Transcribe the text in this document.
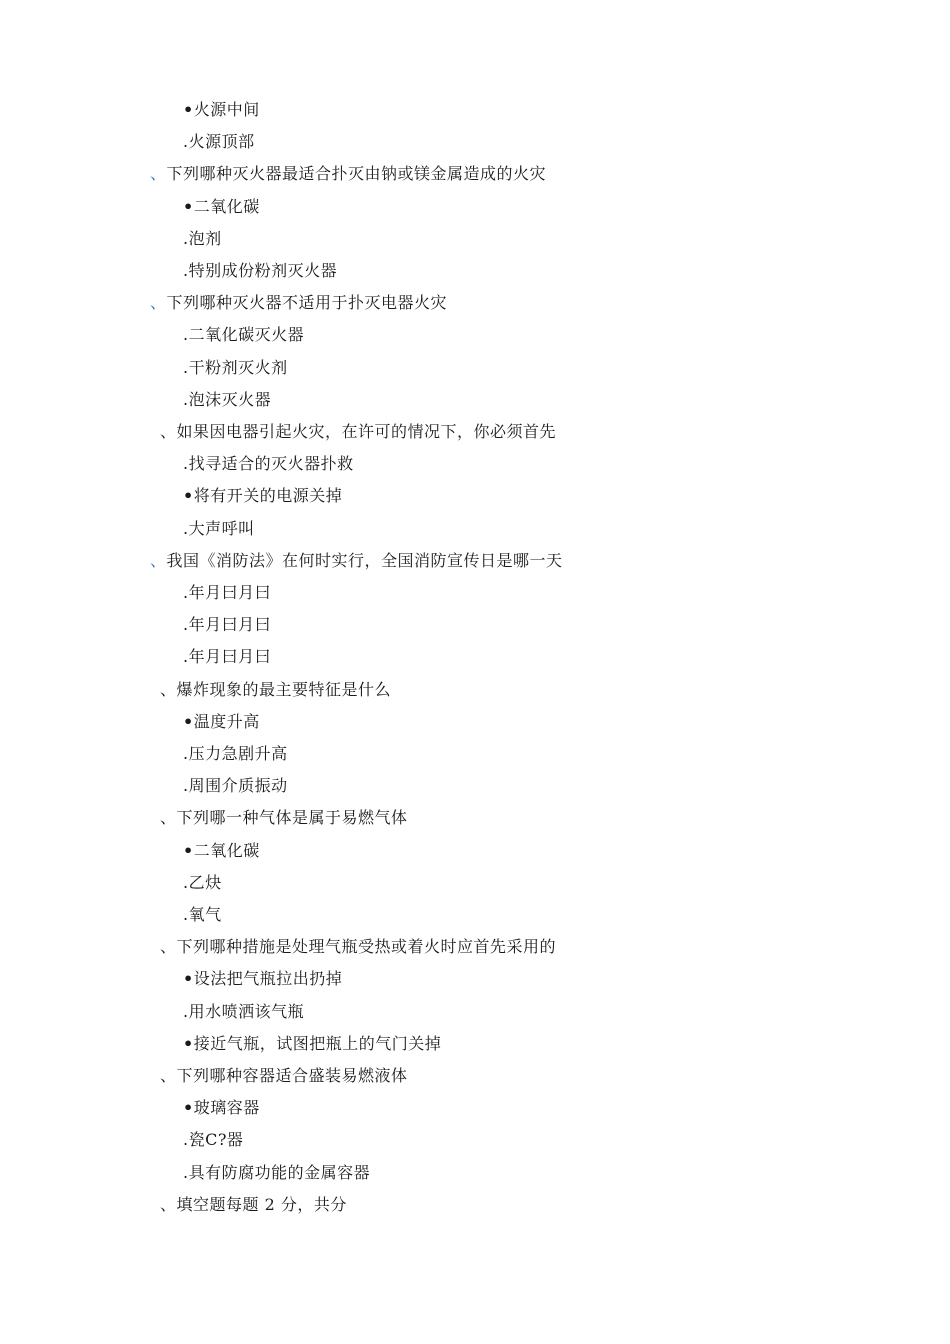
•火源中间
.火源顶部
、下列哪种灭火器最适合扑灭由钠或镁金属造成的火灾
•二氧化碳
.泡剂
.特别成份粉剂灭火器
、下列哪种灭火器不适用于扑灭电器火灾
.二氧化碳灭火器
.干粉剂灭火剂
.泡沫灭火器
、如果因电器引起火灾，在许可的情况下，你必须首先
.找寻适合的灭火器扑救
•将有开关的电源关掉
.大声呼叫
、我国《消防法》在何时实行，全国消防宣传日是哪一天
.年月曰月曰
.年月曰月曰
.年月曰月曰
、爆炸现象的最主要特征是什么
•温度升高
.压力急剧升高
.周围介质振动
、下列哪一种气体是属于易燃气体
•二氧化碳
.乙炔
.氧气
、下列哪种措施是处理气瓶受热或着火时应首先采用的
•设法把气瓶拉出扔掉
.用水喷洒该气瓶
•接近气瓶，试图把瓶上的气门关掉
、下列哪种容器适合盛装易燃液体
•玻璃容器
.瓷C?器
.具有防腐功能的金属容器
、填空题每题 2 分，共分
